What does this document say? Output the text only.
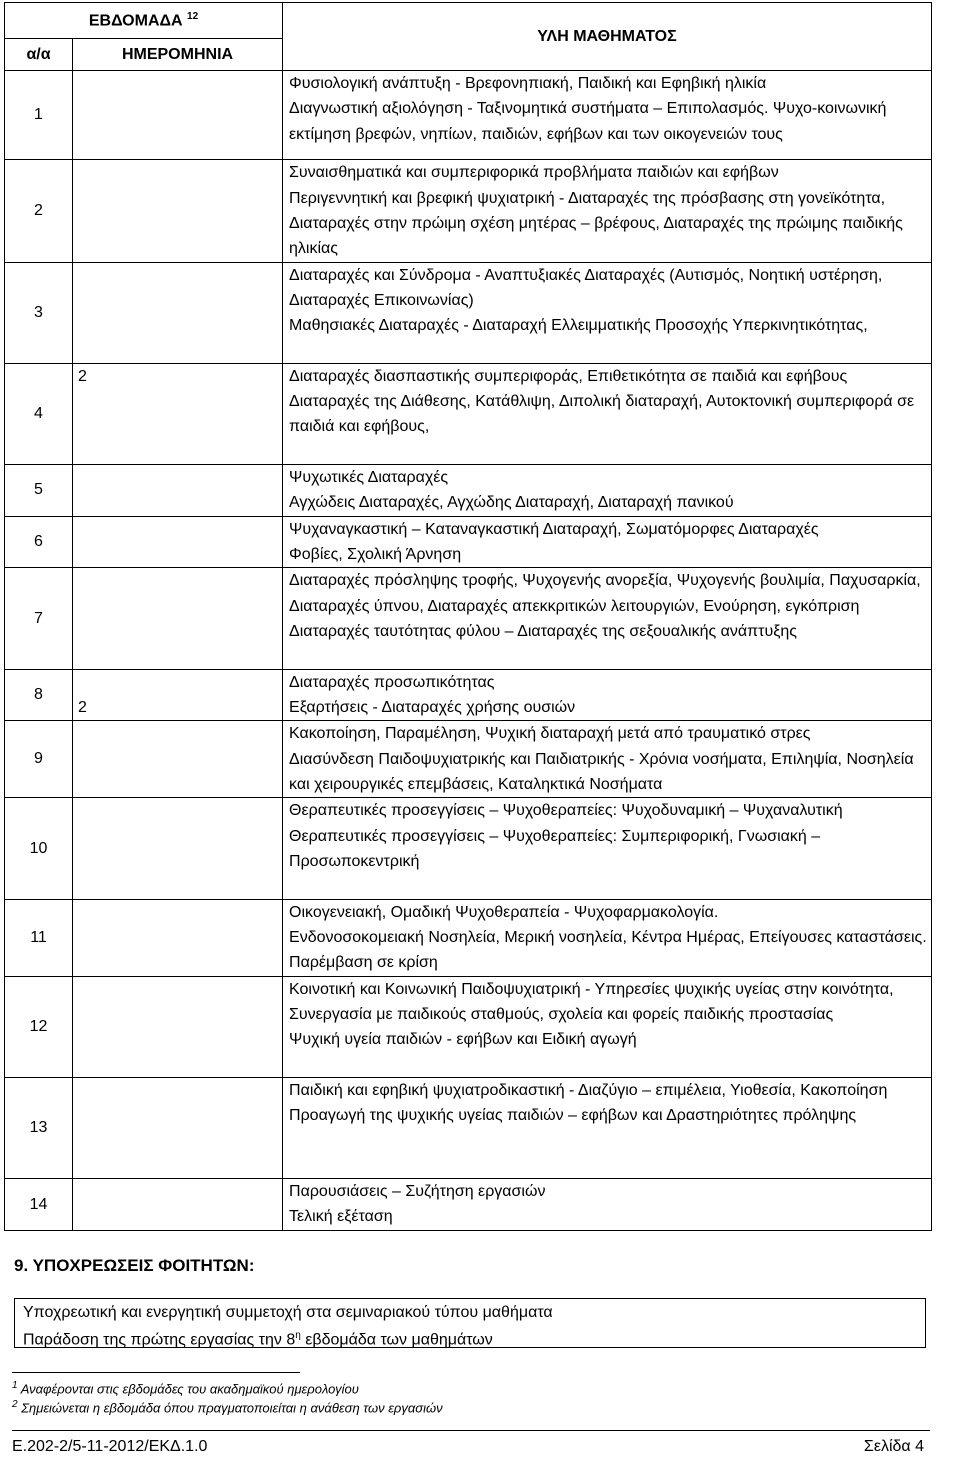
ΕΒΔΟΜΑΔΑ $^{12}$		ΥΛΗ ΜΑΘΗΜΑΤΟΣ
α/α	ΗΜΕΡΟΜΗΝΙΑ	
1		Φυσιολογική ανάπτυξη - Βρεφονηπιακή, Παιδική και Εφηβική ηλικία
Διαγνωστική αξιολόγηση - Ταξινομητικά συστήματα – Επιπολασμός. Ψυχο-κοινωνική εκτίμηση βρεφών, νηπίων, παιδιών, εφήβων και των οικογενειών τους

2		Συναισθηματικά και συμπεριφορικά προβλήματα παιδιών και εφήβων
Περιγεννητική και βρεφική ψυχιατρική - Διαταραχές της πρόσβασης στη γονεϊκότητα, Διαταραχές στην πρώιμη σχέση μητέρας – βρέφους, Διαταραχές της πρώιμης παιδικής ηλικίας

3		Διαταραχές και Σύνδρομα - Αναπτυξιακές Διαταραχές (Αυτισμός, Νοητική υστέρηση, Διαταραχές Επικοινωνίας)
Μαθησιακές Διαταραχές - Διαταραχή Ελλειμματικής Προσοχής Υπερκινητικότητας,

4	2	Διαταραχές διασπαστικής συμπεριφοράς, Επιθετικότητα σε παιδιά και εφήβους
Διαταραχές της Διάθεσης, Κατάθλιψη, Διπολική διαταραχή, Αυτοκτονική συμπεριφορά σε παιδιά και εφήβους,

5		Ψυχωτικές Διαταραχές
Αγχώδεις Διαταραχές, Αγχώδης Διαταραχή, Διαταραχή πανικού

6		Ψυχαναγκαστική – Καταναγκαστική Διαταραχή, Σωματόμορφες Διαταραχές
Φοβίες, Σχολική Άρνηση

7		Διαταραχές πρόσληψης τροφής, Ψυχογενής ανορεξία, Ψυχογενής βουλιμία, Παχυσαρκία, Διαταραχές ύπνου, Διαταραχές απεκκριτικών λειτουργιών, Ενούρηση, εγκόπριση
Διαταραχές ταυτότητας φύλου – Διαταραχές της σεξουαλικής ανάπτυξης

8	2	Διαταραχές προσωπικότητας
Εξαρτήσεις - Διαταραχές χρήσης ουσιών

9		Κακοποίηση, Παραμέληση, Ψυχική διαταραχή μετά από τραυματικό στρες
Διασύνδεση Παιδοψυχιατρικής και Παιδιατρικής - Χρόνια νοσήματα, Επιληψία, Νοσηλεία και χειρουργικές επεμβάσεις, Καταληκτικά Νοσήματα

10		Θεραπευτικές προσεγγίσεις – Ψυχοθεραπείες: Ψυχοδυναμική – Ψυχαναλυτική
Θεραπευτικές προσεγγίσεις – Ψυχοθεραπείες: Συμπεριφορική, Γνωσιακή – Προσωποκεντρική

11		Οικογενειακή, Ομαδική Ψυχοθεραπεία - Ψυχοφαρμακολογία.
Ενδονοσοκομειακή Νοσηλεία, Μερική νοσηλεία, Κέντρα Ημέρας, Επείγουσες καταστάσεις. Παρέμβαση σε κρίση

12		Κοινοτική και Κοινωνική Παιδοψυχιατρική - Υπηρεσίες ψυχικής υγείας στην κοινότητα, Συνεργασία με παιδικούς σταθμούς, σχολεία και φορείς παιδικής προστασίας
Ψυχική υγεία παιδιών - εφήβων και Ειδική αγωγή

13		Παιδική και εφηβική ψυχιατροδικαστική - Διαζύγιο – επιμέλεια, Υιοθεσία, Κακοποίηση
Προαγωγή της ψυχικής υγείας παιδιών – εφήβων και Δραστηριότητες πρόληψης

14		Παρουσιάσεις – Συζήτηση εργασιών
Τελική εξέταση
9. ΥΠΟΧΡΕΩΣΕΙΣ ΦΟΙΤΗΤΩΝ:
Υποχρεωτική και ενεργητική συμμετοχή στα σεμιναριακού τύπου μαθήματα
Παράδοση της πρώτης εργασίας την $8^\eta$ εβδομάδα των μαθημάτων
$^1$ Αναφέρονται στις εβδομάδες του ακαδημαϊκού ημερολογίου
$^2$ Σημειώνεται η εβδομάδα όπου πραγματοποιείται η ανάθεση των εργασιών
E.202-2/5-11-2012/ΕΚΔ.1.0	Σελίδα 4
